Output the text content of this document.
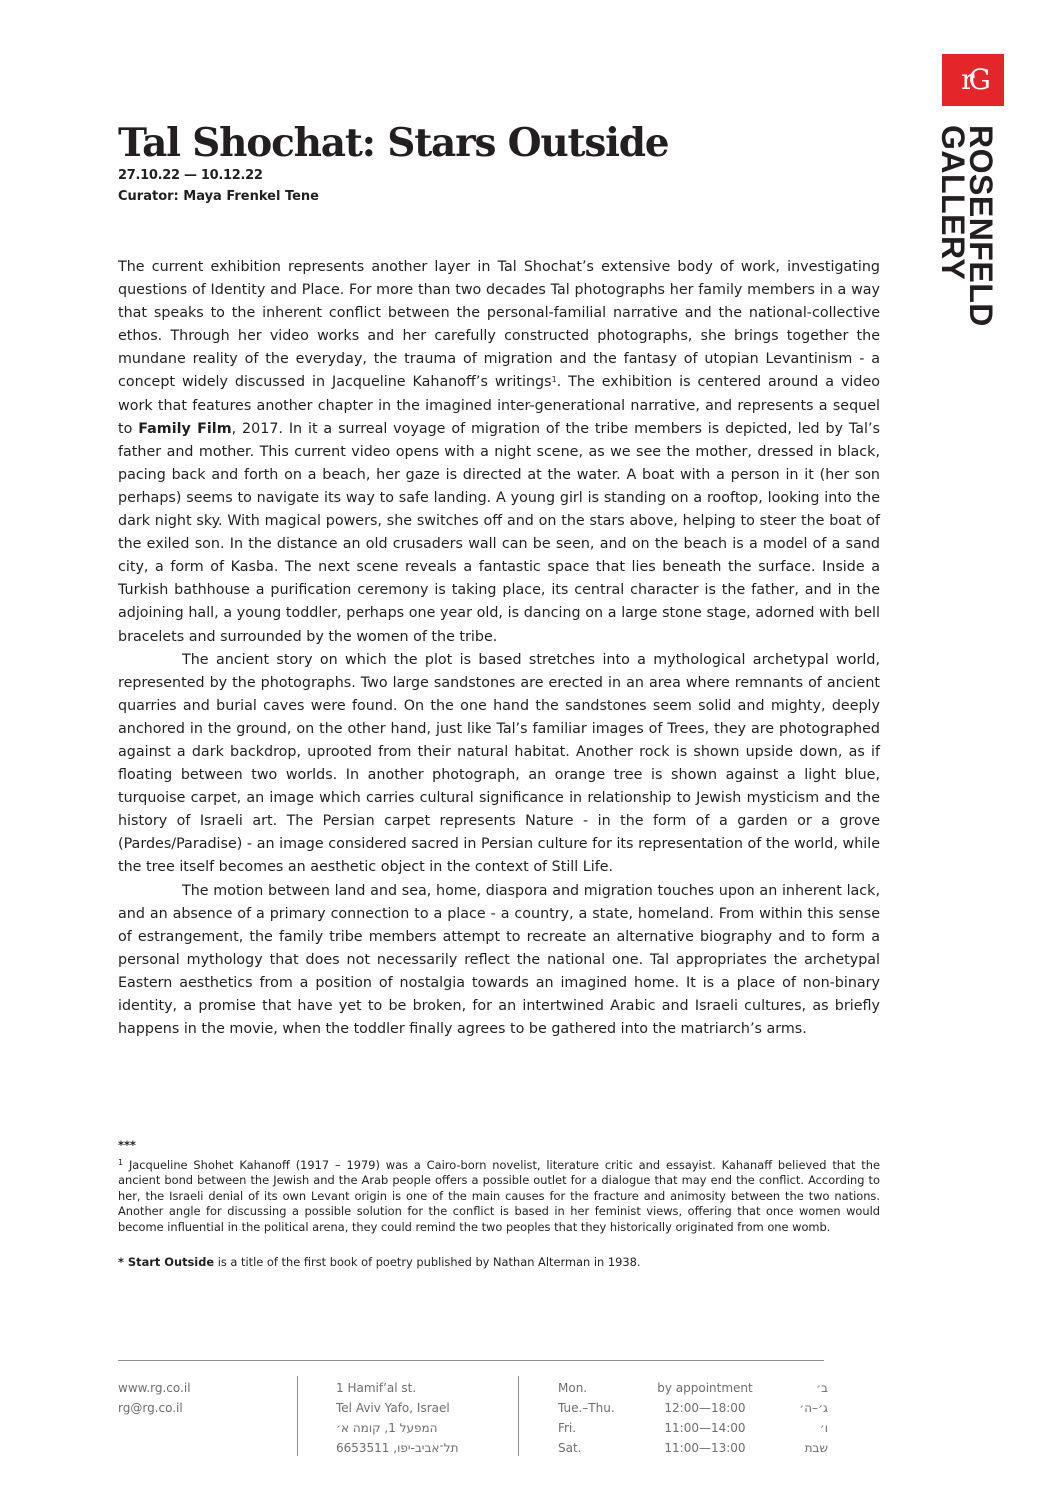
rG
ROSENFELD
GALLERY
Tal Shochat: Stars Outside
27.10.22 — 10.12.22
Curator: Maya Frenkel Tene

The current exhibition represents another layer in Tal Shochat’s extensive body of work, investigating questions of Identity and Place. For more than two decades Tal photographs her family members in a way that speaks to the inherent conflict between the personal-familial narrative and the national-collective ethos. Through her video works and her carefully constructed photographs, she brings together the mundane reality of the everyday, the trauma of migration and the fantasy of utopian Levantinism - a concept widely discussed in Jacqueline Kahanoff’s writings$^1$. The exhibition is centered around a video work that features another chapter in the imagined inter-generational narrative, and represents a sequel to Family Film, 2017. In it a surreal voyage of migration of the tribe members is depicted, led by Tal’s father and mother. This current video opens with a night scene, as we see the mother, dressed in black, pacing back and forth on a beach, her gaze is directed at the water. A boat with a person in it (her son perhaps) seems to navigate its way to safe landing. A young girl is standing on a rooftop, looking into the dark night sky. With magical powers, she switches off and on the stars above, helping to steer the boat of the exiled son. In the distance an old crusaders wall can be seen, and on the beach is a model of a sand city, a form of Kasba. The next scene reveals a fantastic space that lies beneath the surface. Inside a Turkish bathhouse a purification ceremony is taking place, its central character is the father, and in the adjoining hall, a young toddler, perhaps one year old, is dancing on a large stone stage, adorned with bell bracelets and surrounded by the women of the tribe.

The ancient story on which the plot is based stretches into a mythological archetypal world, represented by the photographs. Two large sandstones are erected in an area where remnants of ancient quarries and burial caves were found. On the one hand the sandstones seem solid and mighty, deeply anchored in the ground, on the other hand, just like Tal’s familiar images of Trees, they are photographed against a dark backdrop, uprooted from their natural habitat. Another rock is shown upside down, as if floating between two worlds. In another photograph, an orange tree is shown against a light blue, turquoise carpet, an image which carries cultural significance in relationship to Jewish mysticism and the history of Israeli art. The Persian carpet represents Nature - in the form of a garden or a grove (Pardes/Paradise) - an image considered sacred in Persian culture for its representation of the world, while the tree itself becomes an aesthetic object in the context of Still Life.

The motion between land and sea, home, diaspora and migration touches upon an inherent lack, and an absence of a primary connection to a place - a country, a state, homeland. From within this sense of estrangement, the family tribe members attempt to recreate an alternative biography and to form a personal mythology that does not necessarily reflect the national one. Tal appropriates the archetypal Eastern aesthetics from a position of nostalgia towards an imagined home. It is a place of non-binary identity, a promise that have yet to be broken, for an intertwined Arabic and Israeli cultures, as briefly happens in the movie, when the toddler finally agrees to be gathered into the matriarch’s arms.

***

$^1$ Jacqueline Shohet Kahanoff (1917 – 1979) was a Cairo-born novelist, literature critic and essayist. Kahanaff believed that the ancient bond between the Jewish and the Arab people offers a possible outlet for a dialogue that may end the conflict. According to her, the Israeli denial of its own Levant origin is one of the main causes for the fracture and animosity between the two nations. Another angle for discussing a possible solution for the conflict is based in her feminist views, offering that once women would become influential in the political arena, they could remind the two peoples that they historically originated from one womb.

* Start Outside is a title of the first book of poetry published by Nathan Alterman in 1938.

www.rg.co.il
rg@rg.co.il
1 Hamif’al st.
Tel Aviv Yafo, Israel
המפעל 1, קומה א׳
תל־אביב-יפו, 6653511
Mon.	by appointment	ב׳
Tue.–Thu.	12:00—18:00	ג׳–ה׳
Fri.	11:00—14:00	ו׳
Sat.	11:00—13:00	שבת
